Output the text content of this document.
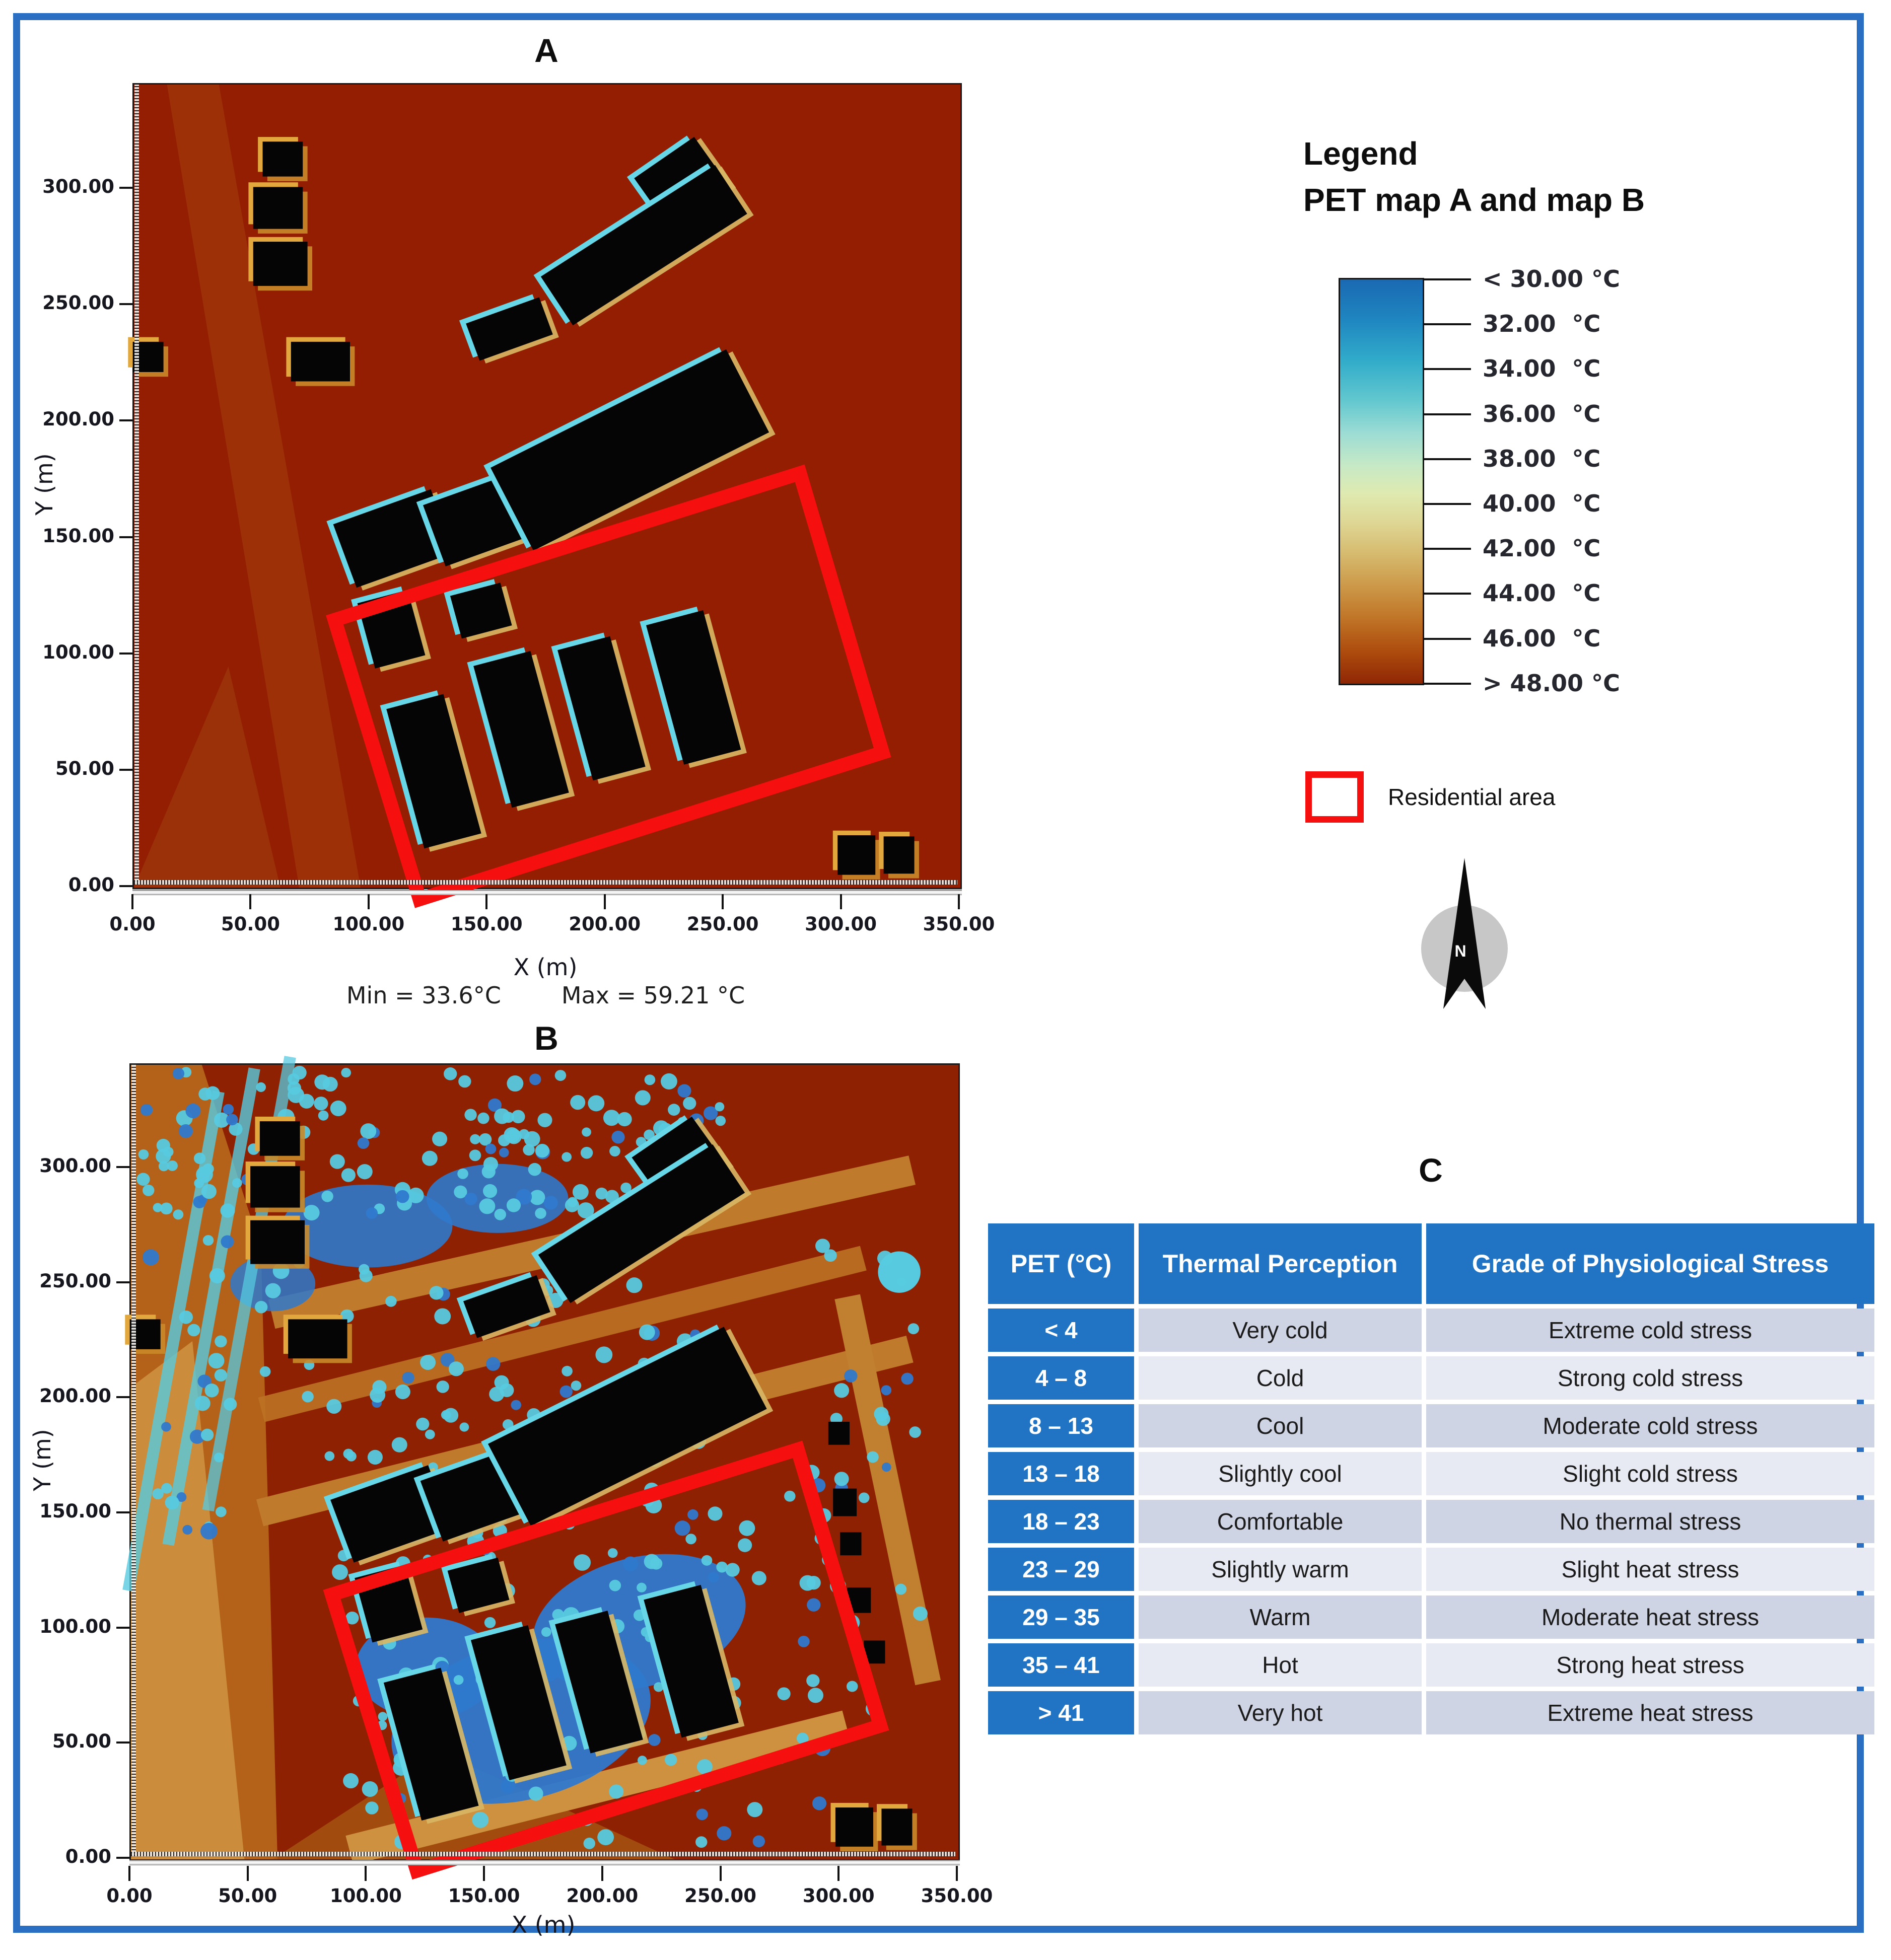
A
Y (m)
X (m)
Min = 33.6°C	Max = 59.21 °C
B
Y (m)
X (m)
Legend
PET map A and map B
Residential area
N
C
PET (°C)	Thermal Perception	Grade of Physiological Stress
< 4	Very cold	Extreme cold stress
4 – 8	Cold	Strong cold stress
8 – 13	Cool	Moderate cold stress
13 – 18	Slightly cool	Slight cold stress
18 – 23	Comfortable	No thermal stress
23 – 29	Slightly warm	Slight heat stress
29 – 35	Warm	Moderate heat stress
35 – 41	Hot	Strong heat stress
> 41	Very hot	Extreme heat stress
0.00	50.00	100.00 150.00 200.00 250.00 300.00 350.00
300.00
250.00
200.00
150.00
100.00
50.00
0.00
0.00	50.00	100.00 150.00 200.00 250.00 300.00 350.00
300.00
250.00
200.00
150.00
100.00
50.00
0.00
< 30.00 °C
32.00  °C
34.00  °C
36.00  °C
38.00  °C
40.00  °C
42.00  °C
44.00  °C
46.00  °C
> 48.00 °C
